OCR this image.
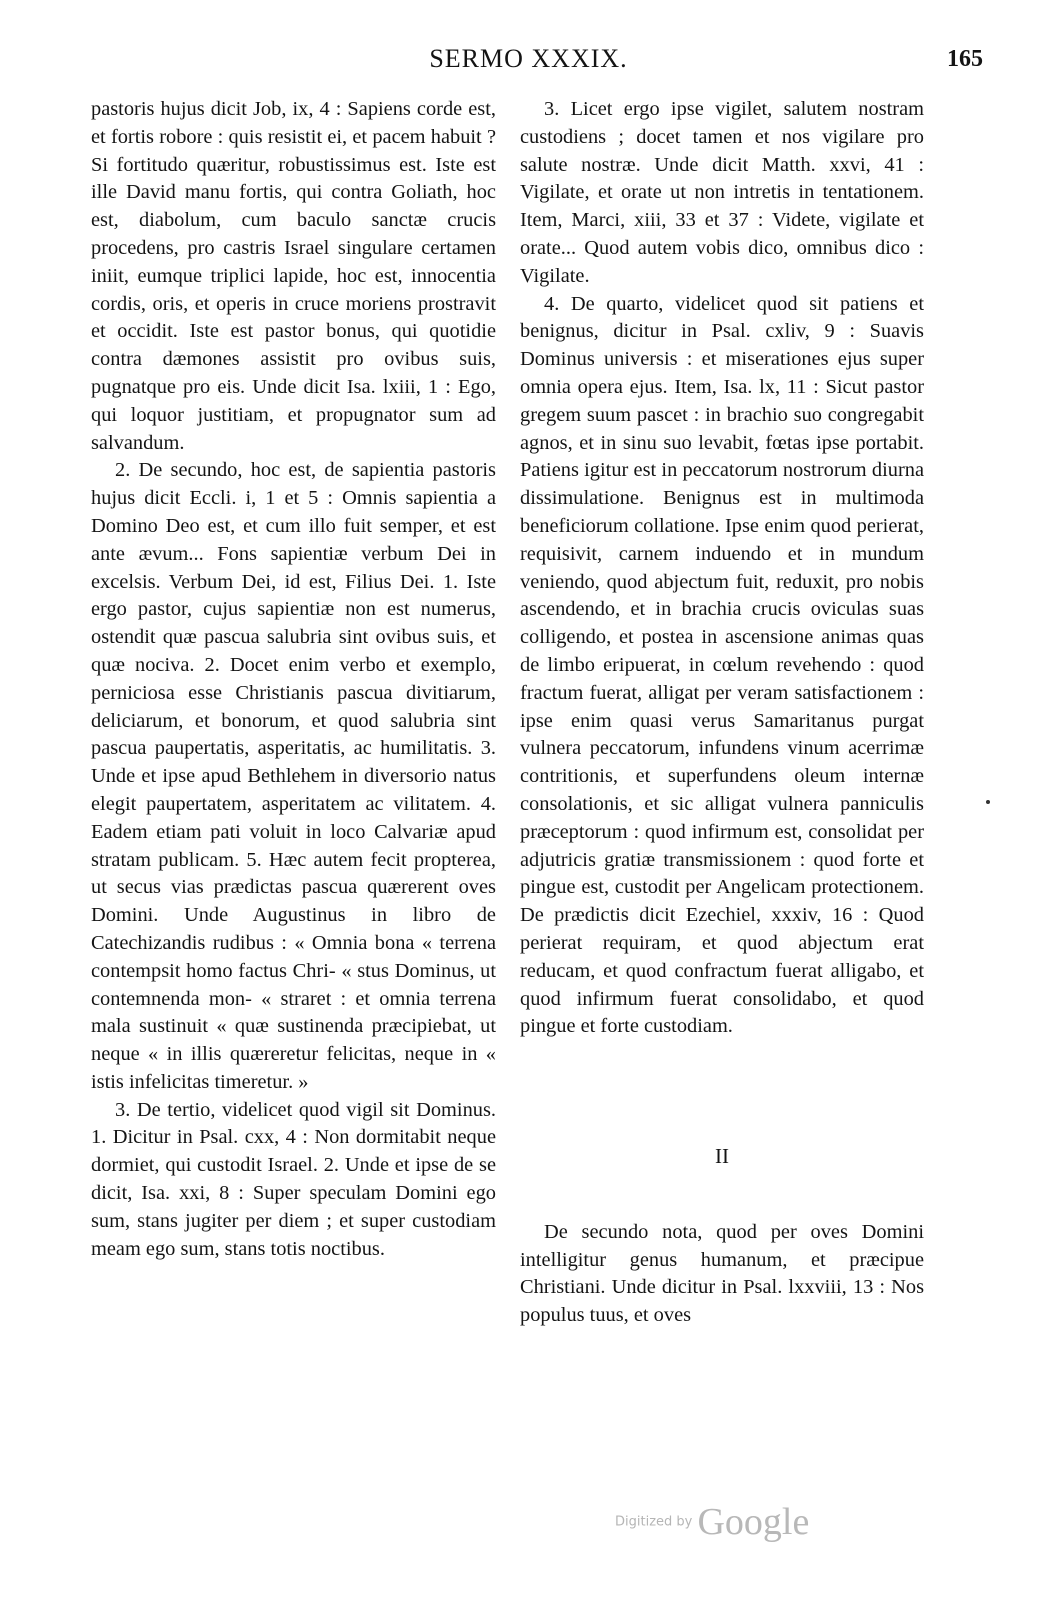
SERMO XXXIX.	165

pastoris hujus dicit Job, ix, 4 : Sapiens corde est, et fortis robore : quis resistit ei, et pacem habuit ? Si fortitudo quæritur, robustissimus est. Iste est ille David manu fortis, qui contra Goliath, hoc est, diabolum, cum baculo sanctæ crucis procedens, pro castris Israel singulare certamen iniit, eumque triplici lapide, hoc est, innocentia cordis, oris, et operis in cruce moriens prostravit et occidit. Iste est pastor bonus, qui quotidie contra dæmones assistit pro ovibus suis, pugnatque pro eis. Unde dicit Isa. lxiii, 1 : Ego, qui loquor justitiam, et propugnator sum ad salvandum.

2. De secundo, hoc est, de sapientia pastoris hujus dicit Eccli. i, 1 et 5 : Omnis sapientia a Domino Deo est, et cum illo fuit semper, et est ante ævum... Fons sapientiæ verbum Dei in excelsis. Verbum Dei, id est, Filius Dei. 1. Iste ergo pastor, cujus sapientiæ non est numerus, ostendit quæ pascua salubria sint ovibus suis, et quæ nociva. 2. Docet enim verbo et exemplo, perniciosa esse Christianis pascua divitiarum, deliciarum, et bonorum, et quod salubria sint pascua paupertatis, asperitatis, ac humilitatis. 3. Unde et ipse apud Bethlehem in diversorio natus elegit paupertatem, asperitatem ac vilitatem. 4. Eadem etiam pati voluit in loco Calvariæ apud stratam publicam. 5. Hæc autem fecit propterea, ut secus vias prædictas pascua quærerent oves Domini. Unde Augustinus in libro de Catechizandis rudibus : « Omnia bona « terrena contempsit homo factus Chri- « stus Dominus, ut contemnenda mon- « straret : et omnia terrena mala sustinuit « quæ sustinenda præcipiebat, ut neque « in illis quæreretur felicitas, neque in « istis infelicitas timeretur. »

3. De tertio, videlicet quod vigil sit Dominus. 1. Dicitur in Psal. cxx, 4 : Non dormitabit neque dormiet, qui custodit Israel. 2. Unde et ipse de se dicit, Isa. xxi, 8 : Super speculam Domini ego sum, stans jugiter per diem ; et super custodiam meam ego sum, stans totis noctibus.

3. Licet ergo ipse vigilet, salutem nostram custodiens ; docet tamen et nos vigilare pro salute nostræ. Unde dicit Matth. xxvi, 41 : Vigilate, et orate ut non intretis in tentationem. Item, Marci, xiii, 33 et 37 : Videte, vigilate et orate... Quod autem vobis dico, omnibus dico : Vigilate.

4. De quarto, videlicet quod sit patiens et benignus, dicitur in Psal. cxliv, 9 : Suavis Dominus universis : et miserationes ejus super omnia opera ejus. Item, Isa. lx, 11 : Sicut pastor gregem suum pascet : in brachio suo congregabit agnos, et in sinu suo levabit, fœtas ipse portabit. Patiens igitur est in peccatorum nostrorum diurna dissimulatione. Benignus est in multimoda beneficiorum collatione. Ipse enim quod perierat, requisivit, carnem induendo et in mundum veniendo, quod abjectum fuit, reduxit, pro nobis ascendendo, et in brachia crucis oviculas suas colligendo, et postea in ascensione animas quas de limbo eripuerat, in cœlum revehendo : quod fractum fuerat, alligat per veram satisfactionem : ipse enim quasi verus Samaritanus purgat vulnera peccatorum, infundens vinum acerrimæ contritionis, et superfundens oleum internæ consolationis, et sic alligat vulnera panniculis præceptorum : quod infirmum est, consolidat per adjutricis gratiæ transmissionem : quod forte et pingue est, custodit per Angelicam protectionem. De prædictis dicit Ezechiel, xxxiv, 16 : Quod perierat requiram, et quod abjectum erat reducam, et quod confractum fuerat alligabo, et quod infirmum fuerat consolidabo, et quod pingue et forte custodiam.

II

De secundo nota, quod per oves Domini intelligitur genus humanum, et præcipue Christiani. Unde dicitur in Psal. lxxviii, 13 : Nos populus tuus, et oves

Digitized by Google
